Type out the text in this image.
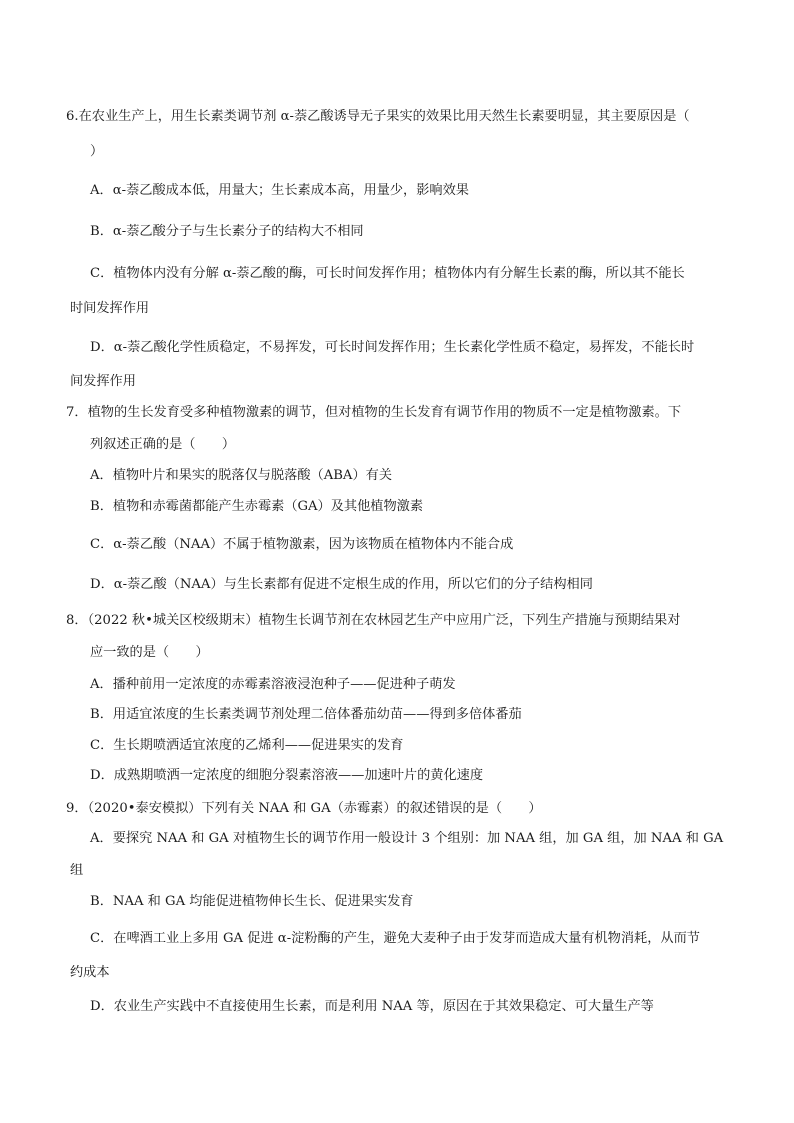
6.在农业生产上，用生长素类调节剂 α-萘乙酸诱导无子果实的效果比用天然生长素要明显，其主要原因是（

）

A．α-萘乙酸成本低，用量大；生长素成本高，用量少，影响效果

B．α-萘乙酸分子与生长素分子的结构大不相同

C．植物体内没有分解 α-萘乙酸的酶，可长时间发挥作用；植物体内有分解生长素的酶，所以其不能长

时间发挥作用

D．α-萘乙酸化学性质稳定，不易挥发，可长时间发挥作用；生长素化学性质不稳定，易挥发，不能长时

间发挥作用

7．植物的生长发育受多种植物激素的调节，但对植物的生长发育有调节作用的物质不一定是植物激素。下

列叙述正确的是（　　）

A．植物叶片和果实的脱落仅与脱落酸（ABA）有关

B．植物和赤霉菌都能产生赤霉素（GA）及其他植物激素

C．α-萘乙酸（NAA）不属于植物激素，因为该物质在植物体内不能合成

D．α-萘乙酸（NAA）与生长素都有促进不定根生成的作用，所以它们的分子结构相同

8．（2022 秋•城关区校级期末）植物生长调节剂在农林园艺生产中应用广泛，下列生产措施与预期结果对

应一致的是（　　）

A．播种前用一定浓度的赤霉素溶液浸泡种子——促进种子萌发

B．用适宜浓度的生长素类调节剂处理二倍体番茄幼苗——得到多倍体番茄

C．生长期喷洒适宜浓度的乙烯利——促进果实的发育

D．成熟期喷洒一定浓度的细胞分裂素溶液——加速叶片的黄化速度

9．（2020•泰安模拟）下列有关 NAA 和 GA（赤霉素）的叙述错误的是（　　）

A．要探究 NAA 和 GA 对植物生长的调节作用一般设计 3 个组别：加 NAA 组，加 GA 组，加 NAA 和 GA

组

B．NAA 和 GA 均能促进植物伸长生长、促进果实发育

C．在啤酒工业上多用 GA 促进 α-淀粉酶的产生，避免大麦种子由于发芽而造成大量有机物消耗，从而节

约成本

D．农业生产实践中不直接使用生长素，而是利用 NAA 等，原因在于其效果稳定、可大量生产等
